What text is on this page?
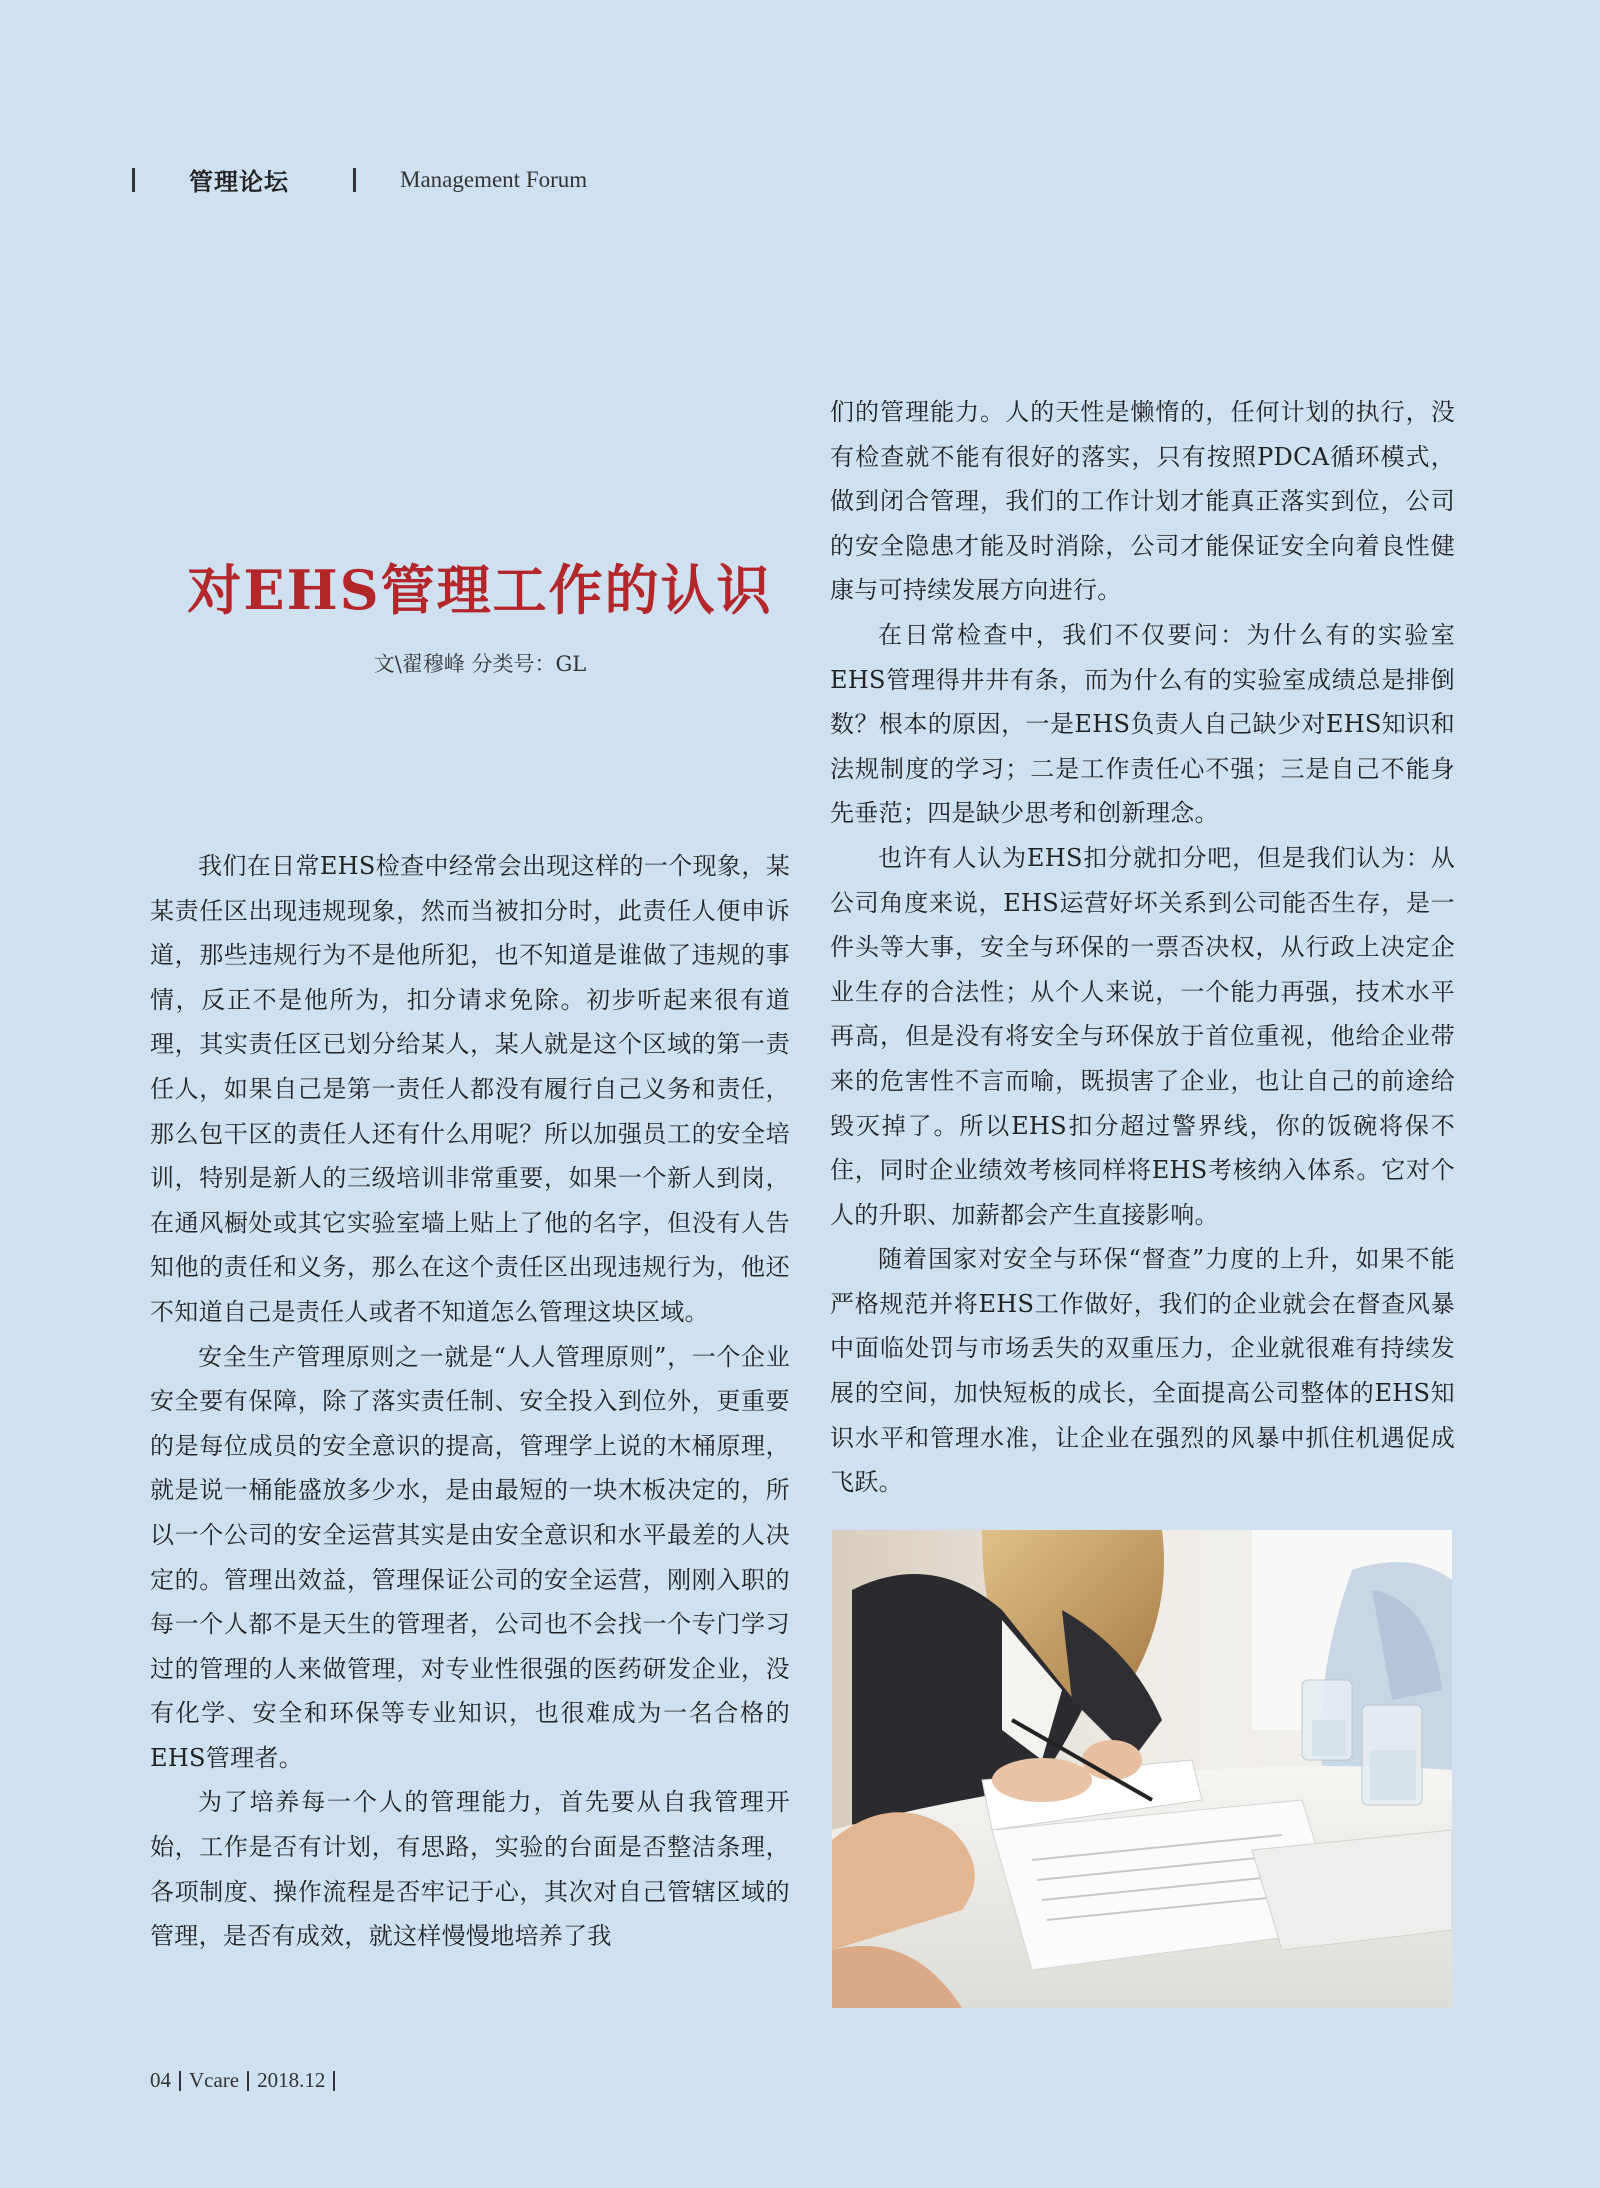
管理论坛	Management Forum
对EHS管理工作的认识
文\翟穆峰 分类号：GL

我们在日常EHS检查中经常会出现这样的一个现象，某某责任区出现违规现象，然而当被扣分时，此责任人便申诉道，那些违规行为不是他所犯，也不知道是谁做了违规的事情，反正不是他所为，扣分请求免除。初步听起来很有道理，其实责任区已划分给某人，某人就是这个区域的第一责任人，如果自己是第一责任人都没有履行自己义务和责任，那么包干区的责任人还有什么用呢？所以加强员工的安全培训，特别是新人的三级培训非常重要，如果一个新人到岗，在通风橱处或其它实验室墙上贴上了他的名字，但没有人告知他的责任和义务，那么在这个责任区出现违规行为，他还不知道自己是责任人或者不知道怎么管理这块区域。

安全生产管理原则之一就是“人人管理原则”，一个企业安全要有保障，除了落实责任制、安全投入到位外，更重要的是每位成员的安全意识的提高，管理学上说的木桶原理，就是说一桶能盛放多少水，是由最短的一块木板决定的，所以一个公司的安全运营其实是由安全意识和水平最差的人决定的。管理出效益，管理保证公司的安全运营，刚刚入职的每一个人都不是天生的管理者，公司也不会找一个专门学习过的管理的人来做管理，对专业性很强的医药研发企业，没有化学、安全和环保等专业知识，也很难成为一名合格的EHS管理者。

为了培养每一个人的管理能力，首先要从自我管理开始，工作是否有计划，有思路，实验的台面是否整洁条理，各项制度、操作流程是否牢记于心，其次对自己管辖区域的管理，是否有成效，就这样慢慢地培养了我

们的管理能力。人的天性是懒惰的，任何计划的执行，没有检查就不能有很好的落实，只有按照PDCA循环模式，做到闭合管理，我们的工作计划才能真正落实到位，公司的安全隐患才能及时消除，公司才能保证安全向着良性健康与可持续发展方向进行。

在日常检查中，我们不仅要问：为什么有的实验室EHS管理得井井有条，而为什么有的实验室成绩总是排倒数？根本的原因，一是EHS负责人自己缺少对EHS知识和法规制度的学习；二是工作责任心不强；三是自己不能身先垂范；四是缺少思考和创新理念。

也许有人认为EHS扣分就扣分吧，但是我们认为：从公司角度来说，EHS运营好坏关系到公司能否生存，是一件头等大事，安全与环保的一票否决权，从行政上决定企业生存的合法性；从个人来说，一个能力再强，技术水平再高，但是没有将安全与环保放于首位重视，他给企业带来的危害性不言而喻，既损害了企业，也让自己的前途给毁灭掉了。所以EHS扣分超过警界线，你的饭碗将保不住，同时企业绩效考核同样将EHS考核纳入体系。它对个人的升职、加薪都会产生直接影响。

随着国家对安全与环保“督查”力度的上升，如果不能严格规范并将EHS工作做好，我们的企业就会在督查风暴中面临处罚与市场丢失的双重压力，企业就很难有持续发展的空间，加快短板的成长，全面提高公司整体的EHS知识水平和管理水准，让企业在强烈的风暴中抓住机遇促成飞跃。

04 Vcare 2018.12
